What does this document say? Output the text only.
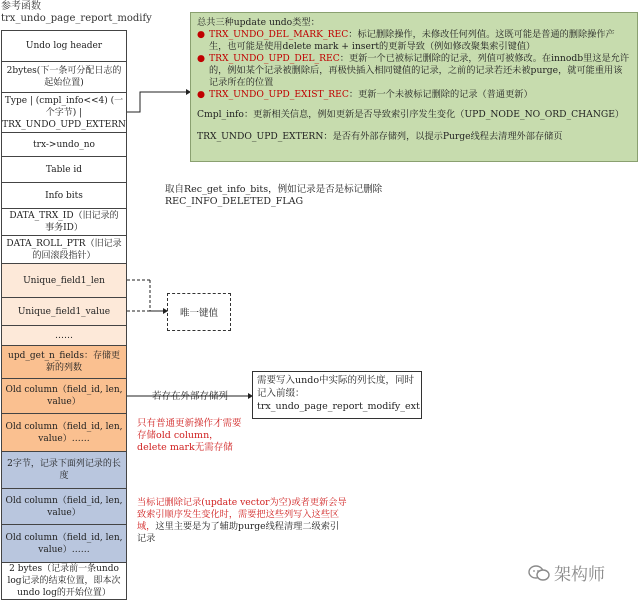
参考函数
trx_undo_page_report_modify
Undo log header
2bytes(下一条可分配日志的起始位置)
Type | (cmpl_info<<4) (一个字节) | TRX_UNDO_UPD_EXTERN
trx->undo_no
Table id
Info bits
DATA_TRX_ID（旧记录的事务ID）
DATA_ROLL_PTR（旧记录的回滚段指针）
Unique_field1_len
Unique_field1_value
……
upd_get_n_fields：存储更新的列数
Old column（field_id, len, value）
Old column（field_id, len, value）……
2字节，记录下面列记录的长度
Old column（field_id, len, value）
Old column（field_id, len, value）……
2 bytes（记录前一条undo log记录的结束位置，即本次undo log的开始位置）
总共三种update undo类型：
● TRX_UNDO_DEL_MARK_REC：标记删除操作，未修改任何列值。这既可能是普通的删除操作产生，也可能是使用delete mark + insert的更新导致（例如修改聚集索引键值）
● TRX_UNDO_UPD_DEL_REC：更新一个已被标记删除的记录，列值可被修改。在innodb里这是允许的，例如某个记录被删除后，再极快插入相同键值的记录，之前的记录若还未被purge，就可能重用该记录所在的位置
● TRX_UNDO_UPD_EXIST_REC：更新一个未被标记删除的记录（普通更新）
Cmpl_info：更新相关信息，例如更新是否导致索引序发生变化（UPD_NODE_NO_ORD_CHANGE）
TRX_UNDO_UPD_EXTERN：是否有外部存储列，以提示Purge线程去清理外部存储页
取自Rec_get_info_bits，例如记录是否是标记删除REC_INFO_DELETED_FLAG
唯一键值
若存在外部存储列
需要写入undo中实际的列长度，同时记入前缀：trx_undo_page_report_modify_ext
只有普通更新操作才需要存储old column，delete mark无需存储
当标记删除记录(update vector为空)或者更新会导致索引顺序发生变化时，需要把这些列写入这些区域，这里主要是为了辅助purge线程清理二级索引记录
架构师
